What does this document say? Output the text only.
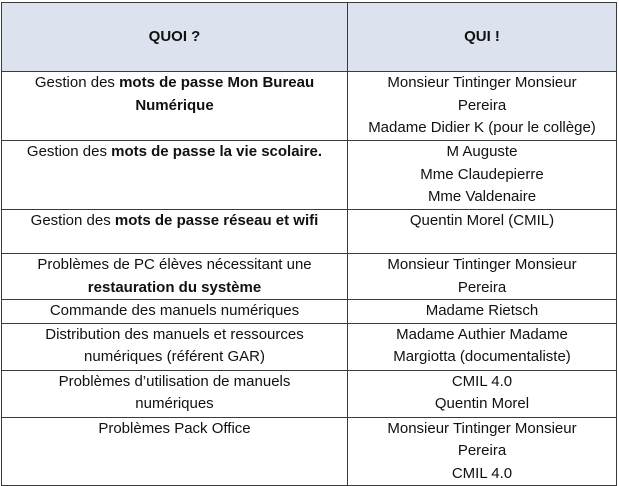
QUOI ?	QUI !

Gestion des mots de passe Mon Bureau
Numérique	Monsieur Tintinger Monsieur
Pereira
Madame Didier K (pour le collège)

Gestion des mots de passe la vie scolaire.	M Auguste
Mme Claudepierre
Mme Valdenaire

Gestion des mots de passe réseau et wifi	Quentin Morel (CMIL)

Problèmes de PC élèves nécessitant une
restauration du système	Monsieur Tintinger Monsieur
Pereira

Commande des manuels numériques	Madame Rietsch

Distribution des manuels et ressources
numériques (référent GAR)	Madame Authier Madame
Margiotta (documentaliste)

Problèmes d’utilisation de manuels
numériques	CMIL 4.0
Quentin Morel

Problèmes Pack Office	Monsieur Tintinger Monsieur
Pereira
CMIL 4.0
